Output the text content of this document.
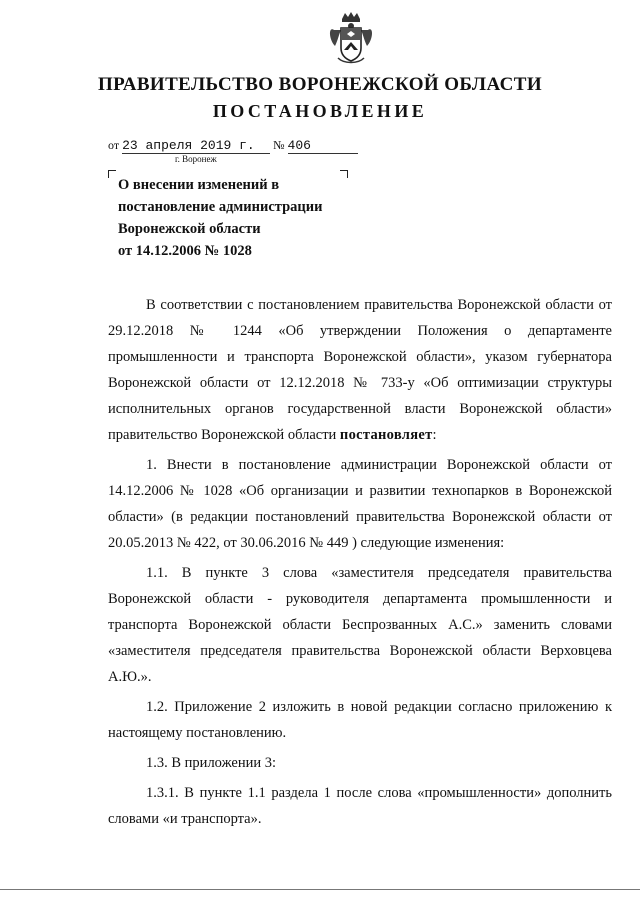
ПРАВИТЕЛЬСТВО ВОРОНЕЖСКОЙ ОБЛАСТИ
ПОСТАНОВЛЕНИЕ
от 23 апреля 2019 г. № 406
г. Воронеж
О внесении изменений в
постановление администрации
Воронежской области
от 14.12.2006 № 1028

В соответствии с постановлением правительства Воронежской области от 29.12.2018 № 1244 «Об утверждении Положения о департаменте промышленности и транспорта Воронежской области», указом губернатора Воронежской области от 12.12.2018 № 733-у «Об оптимизации структуры исполнительных органов государственной власти Воронежской области» правительство Воронежской области постановляет:

1. Внести в постановление администрации Воронежской области от 14.12.2006 № 1028 «Об организации и развитии технопарков в Воронежской области» (в редакции постановлений правительства Воронежской области от 20.05.2013 № 422, от 30.06.2016 № 449 ) следующие изменения:

1.1. В пункте 3 слова «заместителя председателя правительства Воронежской области - руководителя департамента промышленности и транспорта Воронежской области Беспрозванных А.С.» заменить словами «заместителя председателя правительства Воронежской области Верховцева А.Ю.».

1.2. Приложение 2 изложить в новой редакции согласно приложению к настоящему постановлению.

1.3. В приложении 3:

1.3.1. В пункте 1.1 раздела 1 после слова «промышленности» дополнить словами «и транспорта».
